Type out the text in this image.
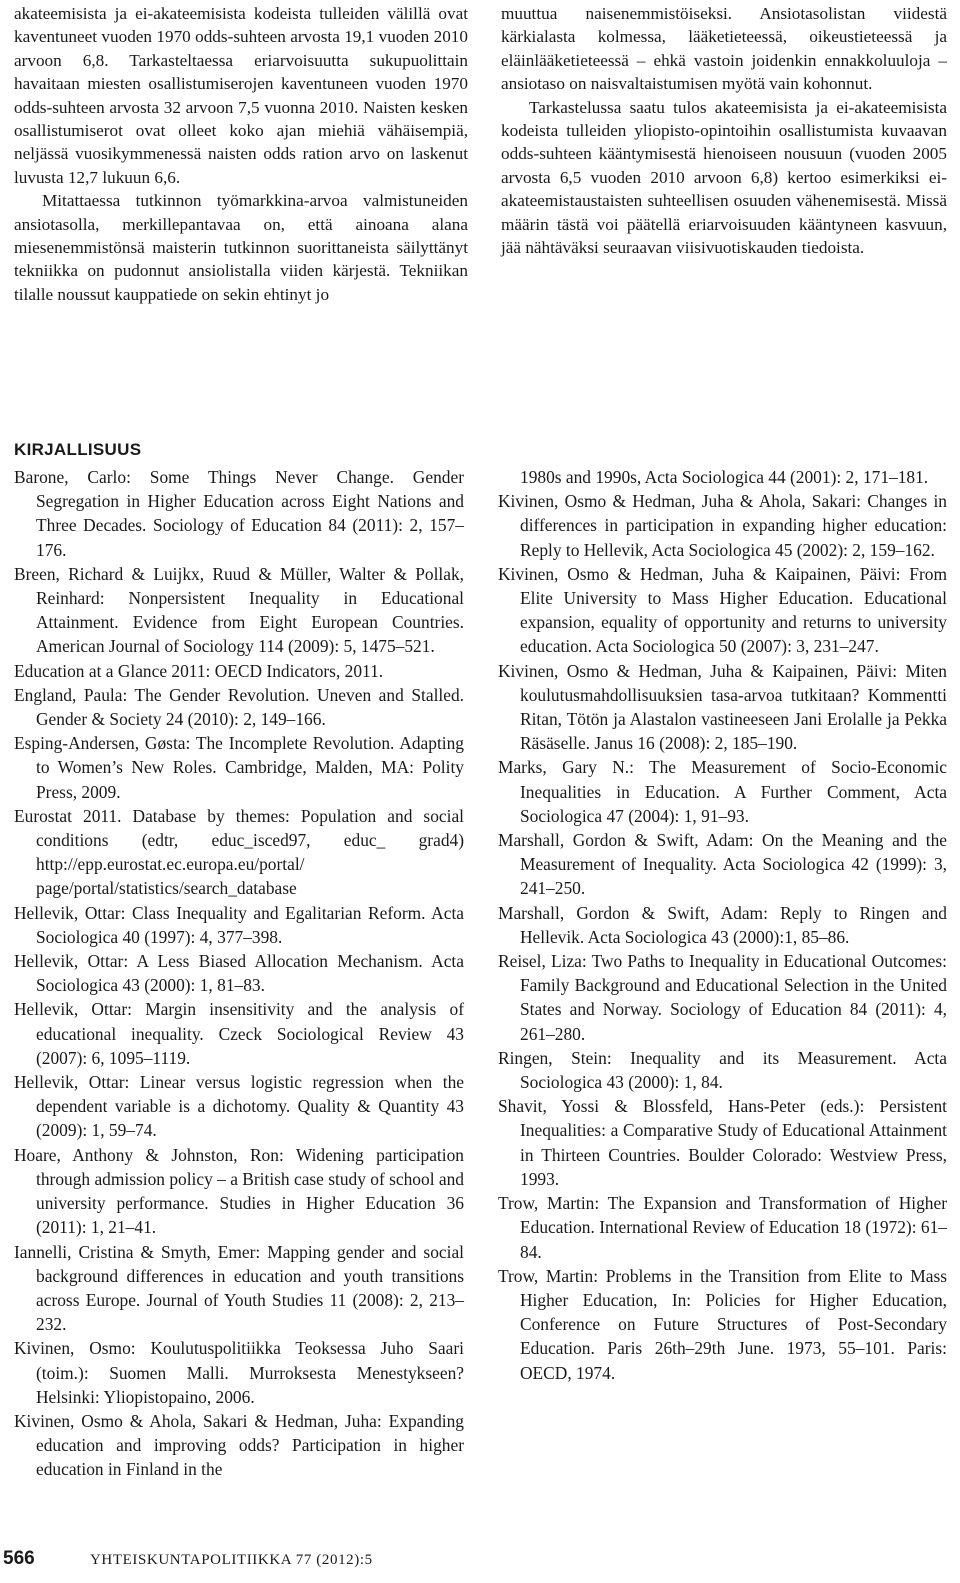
akateemisista ja ei-akateemisista kodeista tulleiden välillä ovat kaventuneet vuoden 1970 odds-suhteen arvosta 19,1 vuoden 2010 arvoon 6,8. Tarkasteltaessa eriarvoisuutta sukupuolittain havaitaan miesten osallistumiserojen kaventuneen vuoden 1970 odds-suhteen arvosta 32 arvoon 7,5 vuonna 2010. Naisten kesken osallistumiserot ovat olleet koko ajan miehiä vähäisempiä, neljässä vuosikymmenessä naisten odds ration arvo on laskenut luvusta 12,7 lukuun 6,6.

Mitattaessa tutkinnon työmarkkina-arvoa valmistuneiden ansiotasolla, merkillepantavaa on, että ainoana alana miesenemmistönsä maisterin tutkinnon suorittaneista säilyttänyt tekniikka on pudonnut ansiolistalla viiden kärjestä. Tekniikan tilalle noussut kauppatiede on sekin ehtinyt jo

muuttua naisenemmistöiseksi. Ansiotasolistan viidestä kärkialasta kolmessa, lääketieteessä, oikeustieteessä ja eläinlääketieteessä – ehkä vastoin joidenkin ennakkoluuloja – ansiotaso on naisvaltaistumisen myötä vain kohonnut.

Tarkastelussa saatu tulos akateemisista ja ei-akateemisista kodeista tulleiden yliopisto-opintoihin osallistumista kuvaavan odds-suhteen kääntymisestä hienoiseen nousuun (vuoden 2005 arvosta 6,5 vuoden 2010 arvoon 6,8) kertoo esimerkiksi ei-akateemistaustaisten suhteellisen osuuden vähenemisestä. Missä määrin tästä voi päätellä eriarvoisuuden kääntyneen kasvuun, jää nähtäväksi seuraavan viisivuotiskauden tiedoista.

KIRJALLISUUS

Barone, Carlo: Some Things Never Change. Gender Segregation in Higher Education across Eight Nations and Three Decades. Sociology of Education 84 (2011): 2, 157–176.

Breen, Richard & Luijkx, Ruud & Müller, Walter & Pollak, Reinhard: Nonpersistent Inequality in Educational Attainment. Evidence from Eight European Countries. American Journal of Sociology 114 (2009): 5, 1475–521.

Education at a Glance 2011: OECD Indicators, 2011.

England, Paula: The Gender Revolution. Uneven and Stalled. Gender & Society 24 (2010): 2, 149–166.

Esping-Andersen, Gøsta: The Incomplete Revolution. Adapting to Women’s New Roles. Cambridge, Malden, MA: Polity Press, 2009.

Eurostat 2011. Database by themes: Population and social conditions (edtr, educ_isced97, educ_ grad4) http://epp.eurostat.ec.europa.eu/portal/ page/portal/statistics/search_database

Hellevik, Ottar: Class Inequality and Egalitarian Reform. Acta Sociologica 40 (1997): 4, 377–398.

Hellevik, Ottar: A Less Biased Allocation Mechanism. Acta Sociologica 43 (2000): 1, 81–83.

Hellevik, Ottar: Margin insensitivity and the analysis of educational inequality. Czeck Sociological Review 43 (2007): 6, 1095–1119.

Hellevik, Ottar: Linear versus logistic regression when the dependent variable is a dichotomy. Quality & Quantity 43 (2009): 1, 59–74.

Hoare, Anthony & Johnston, Ron: Widening participation through admission policy – a British case study of school and university performance. Studies in Higher Education 36 (2011): 1, 21–41.

Iannelli, Cristina & Smyth, Emer: Mapping gender and social background differences in education and youth transitions across Europe. Journal of Youth Studies 11 (2008): 2, 213–232.

Kivinen, Osmo: Koulutuspolitiikka Teoksessa Juho Saari (toim.): Suomen Malli. Murroksesta Menestykseen? Helsinki: Yliopistopaino, 2006.

Kivinen, Osmo & Ahola, Sakari & Hedman, Juha: Expanding education and improving odds? Participation in higher education in Finland in the

1980s and 1990s, Acta Sociologica 44 (2001): 2, 171–181.

Kivinen, Osmo & Hedman, Juha & Ahola, Sakari: Changes in differences in participation in expanding higher education: Reply to Hellevik, Acta Sociologica 45 (2002): 2, 159–162.

Kivinen, Osmo & Hedman, Juha & Kaipainen, Päivi: From Elite University to Mass Higher Education. Educational expansion, equality of opportunity and returns to university education. Acta Sociologica 50 (2007): 3, 231–247.

Kivinen, Osmo & Hedman, Juha & Kaipainen, Päivi: Miten koulutusmahdollisuuksien tasa-arvoa tutkitaan? Kommentti Ritan, Tötön ja Alastalon vastineeseen Jani Erolalle ja Pekka Räsäselle. Janus 16 (2008): 2, 185–190.

Marks, Gary N.: The Measurement of Socio-Economic Inequalities in Education. A Further Comment, Acta Sociologica 47 (2004): 1, 91–93.

Marshall, Gordon & Swift, Adam: On the Meaning and the Measurement of Inequality. Acta Sociologica 42 (1999): 3, 241–250.

Marshall, Gordon & Swift, Adam: Reply to Ringen and Hellevik. Acta Sociologica 43 (2000):1, 85–86.

Reisel, Liza: Two Paths to Inequality in Educational Outcomes: Family Background and Educational Selection in the United States and Norway. Sociology of Education 84 (2011): 4, 261–280.

Ringen, Stein: Inequality and its Measurement. Acta Sociologica 43 (2000): 1, 84.

Shavit, Yossi & Blossfeld, Hans-Peter (eds.): Persistent Inequalities: a Comparative Study of Educational Attainment in Thirteen Countries. Boulder Colorado: Westview Press, 1993.

Trow, Martin: The Expansion and Transformation of Higher Education. International Review of Education 18 (1972): 61–84.

Trow, Martin: Problems in the Transition from Elite to Mass Higher Education, In: Policies for Higher Education, Conference on Future Structures of Post-Secondary Education. Paris 26th–29th June. 1973, 55–101. Paris: OECD, 1974.

566	YHTEISKUNTAPOLITIIKKA 77 (2012):5
